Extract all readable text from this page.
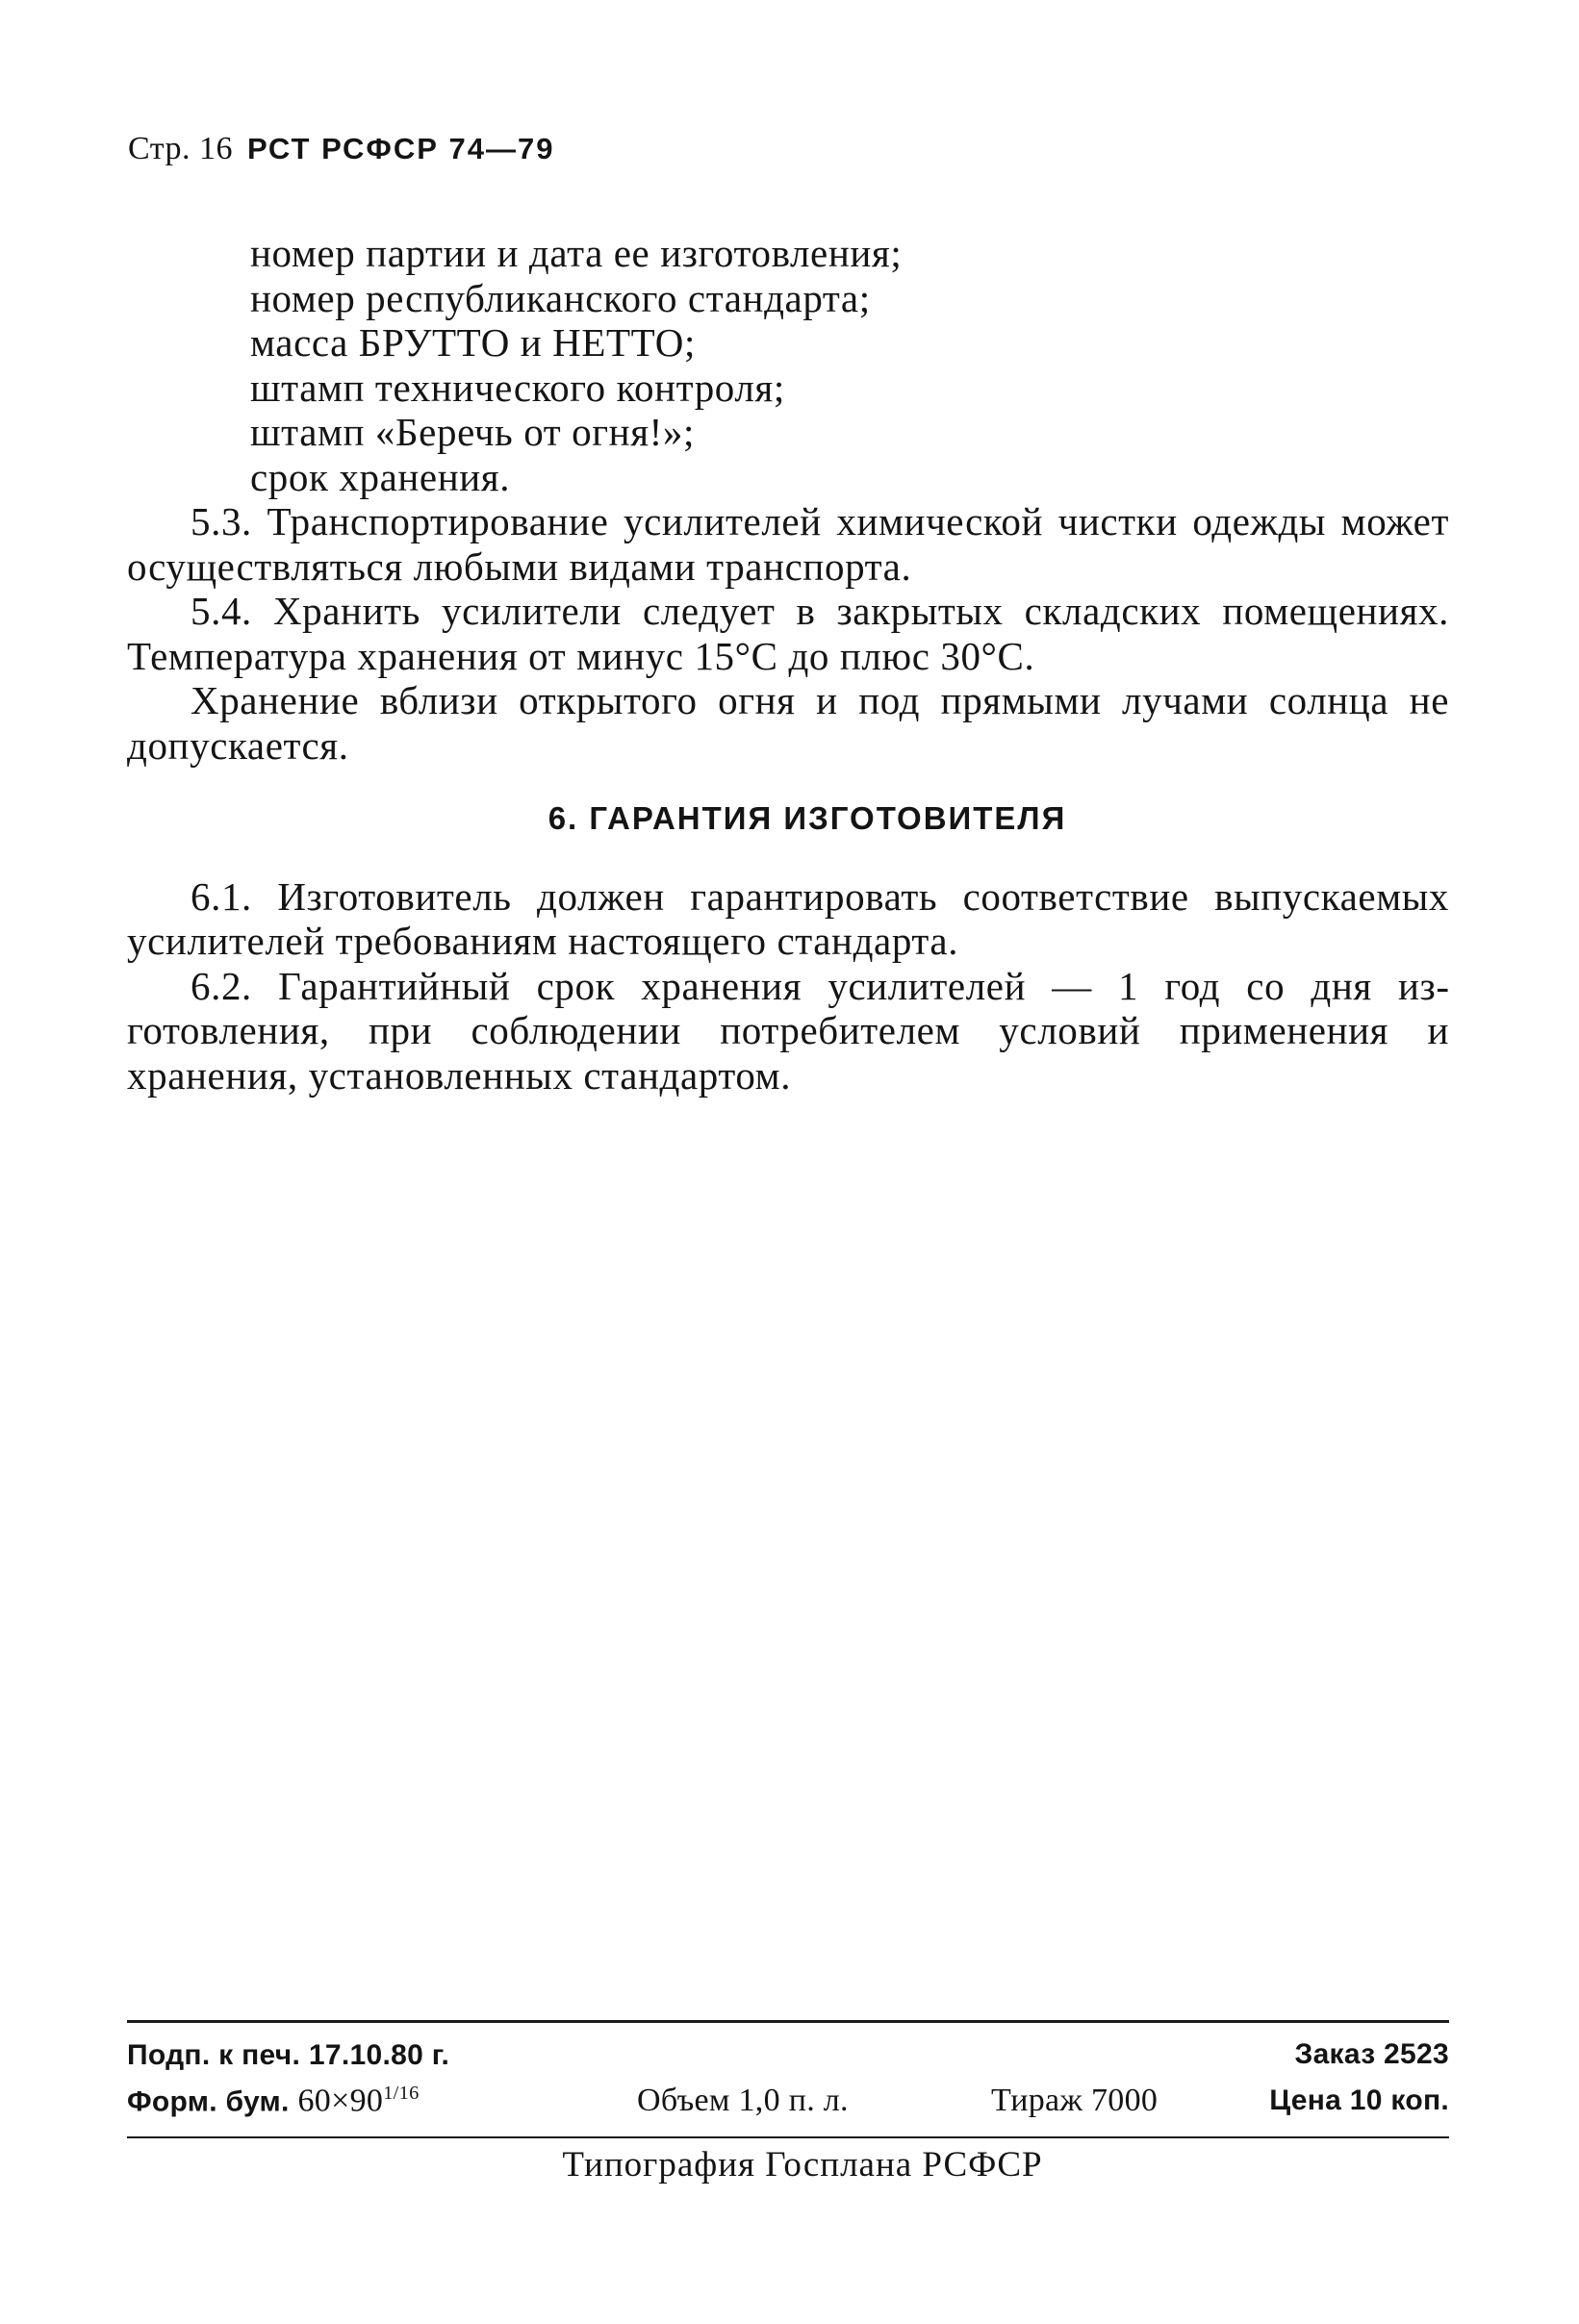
Стр. 16 РСТ РСФСР 74—79
номер партии и дата ее изготовления;
номер республиканского стандарта;
масса БРУТТО и НЕТТО;
штамп технического контроля;
штамп «Беречь от огня!»;
срок хранения.
5.3. Транспортирование усилителей химической чистки одежды может осуществляться любыми видами транспорта.
5.4. Хранить усилители следует в закрытых складских помещениях. Температура хранения от минус 15°С до плюс 30°С.
Хранение вблизи открытого огня и под прямыми лучами солнца не допускается.
6. ГАРАНТИЯ ИЗГОТОВИТЕЛЯ
6.1. Изготовитель должен гарантировать соответствие выпускаемых усилителей требованиям настоящего стандарта.
6.2. Гарантийный срок хранения усилителей — 1 год со дня изготовления, при соблюдении потребителем условий применения и хранения, установленных стандартом.
Подп. к печ. 17.10.80 г.	Заказ 2523
Форм. бум. $60\times 90^{1/16}$	Объем 1,0 п. л.	Тираж 7000	Цена 10 коп.
Типография Госплана РСФСР
